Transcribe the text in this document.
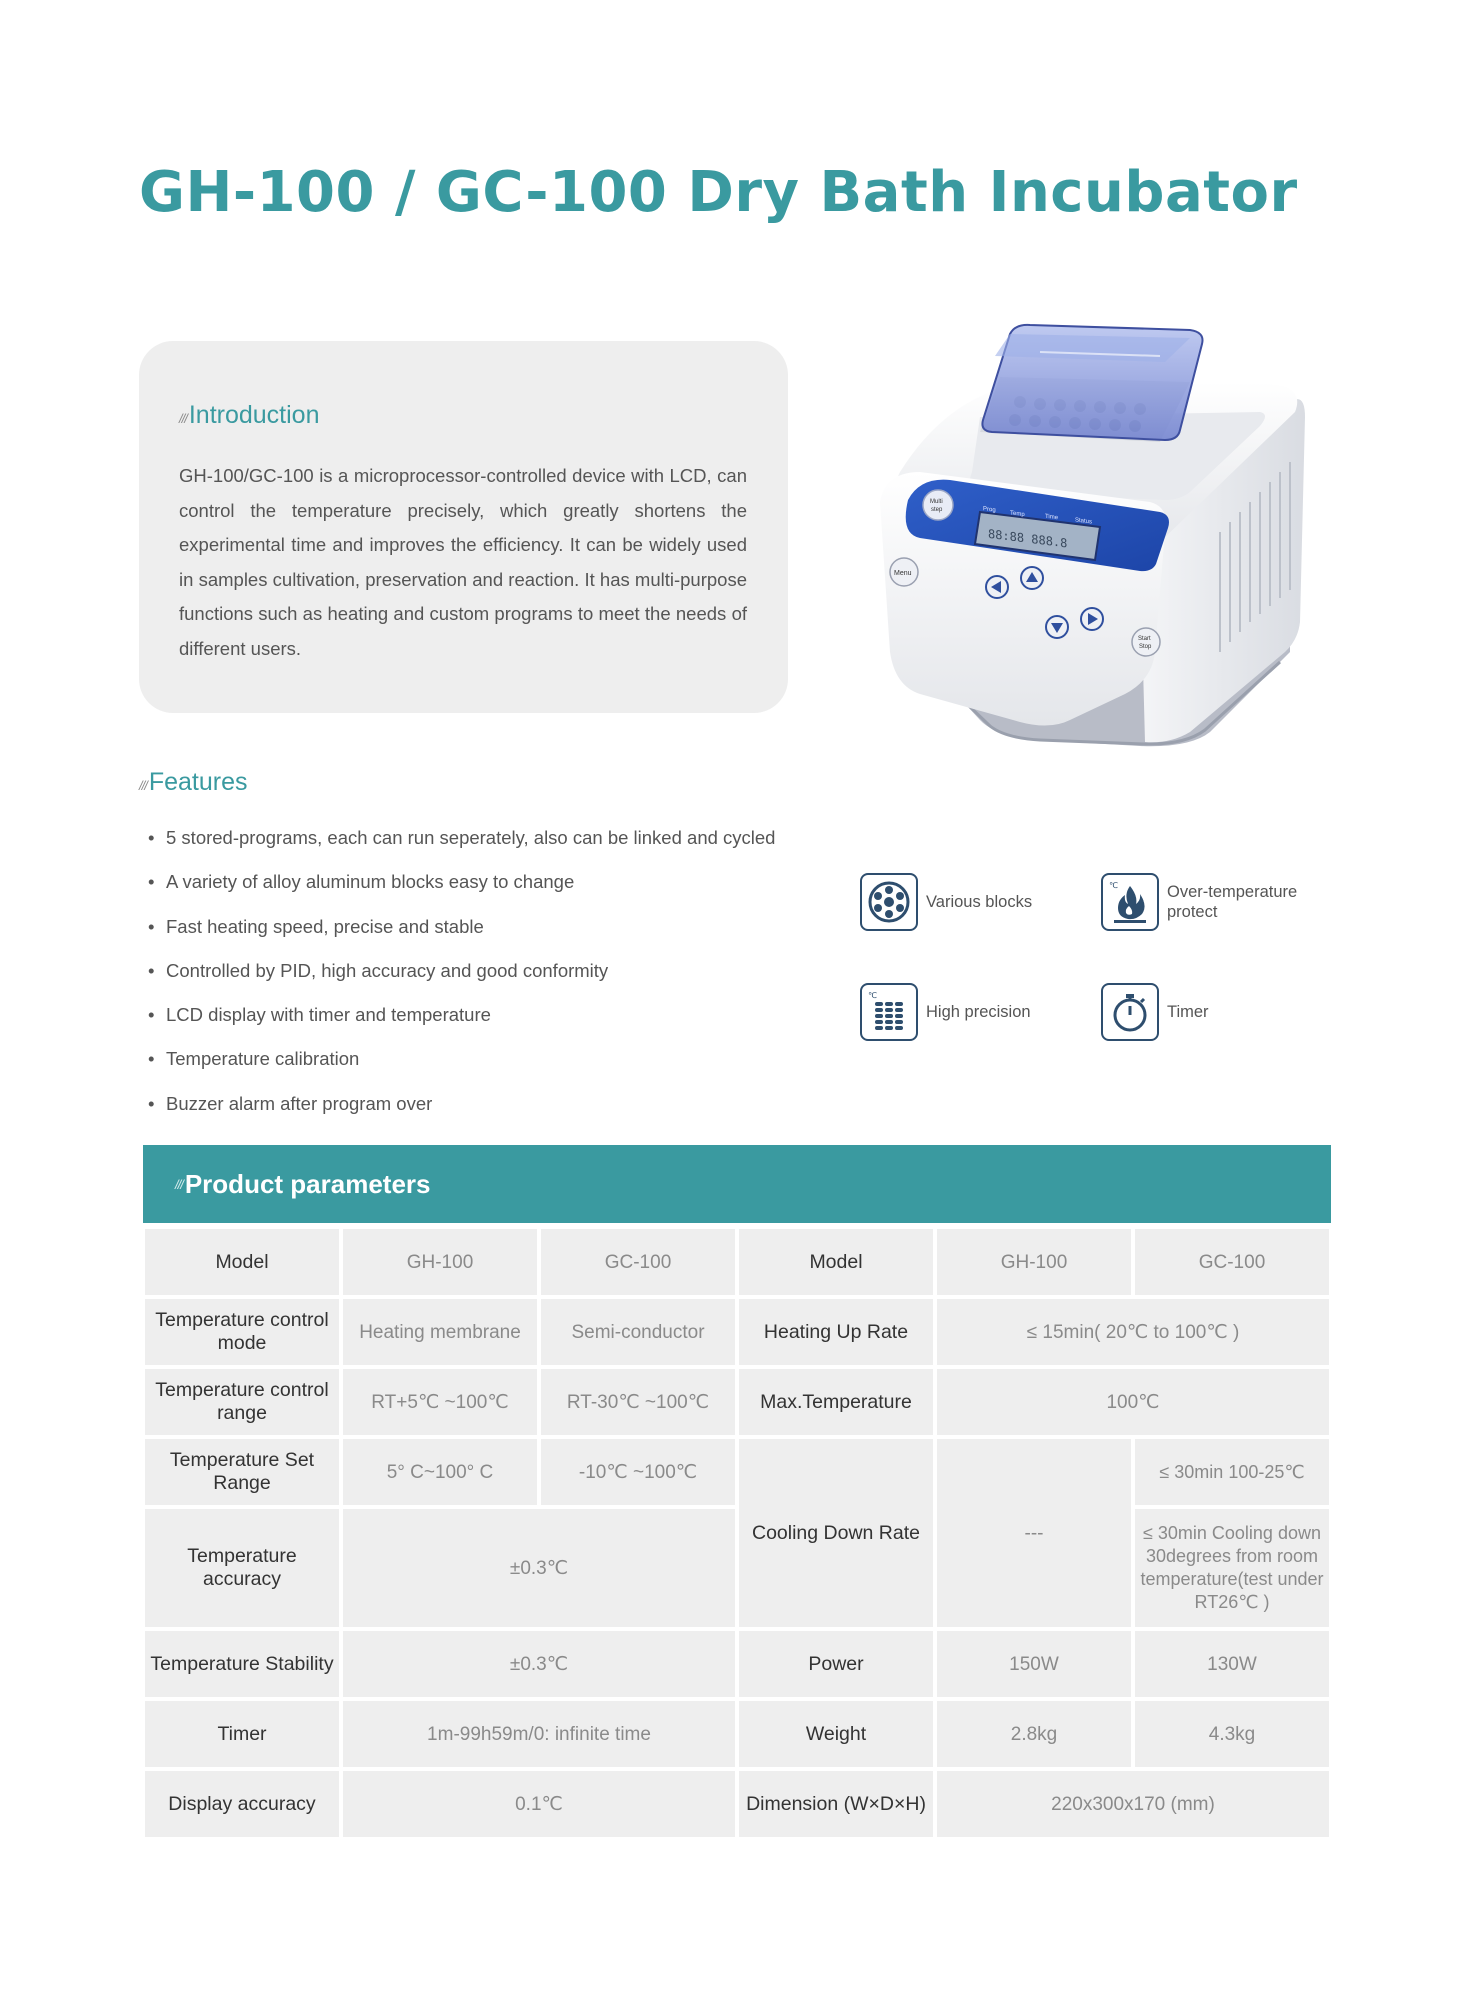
GH-100 / GC-100 Dry Bath Incubator
/// Introduction

GH-100/GC-100 is a microprocessor-controlled device with LCD, can control the temperature precisely, which greatly shortens the experimental time and improves the efficiency. It can be widely used in samples cultivation, preservation and reaction. It has multi-purpose functions such as heating and custom programs to meet the needs of different users.

88:88 888.8
Prog
Temp	Time	Status
Multi
step
Menu
Start
Stop
/// Features
• 5 stored-programs, each can run seperately, also can be linked and cycled
• A variety of alloy aluminum blocks easy to change
• Fast heating speed, precise and stable
• Controlled by PID, high accuracy and good conformity
• LCD display with timer and temperature
• Temperature calibration
• Buzzer alarm after program over
Various blocks
℃	Over-temperature protect
℃
High precision	Timer
/// Product parameters
Model	GH-100	GC-100	Model	GH-100	GC-100
Temperature control mode	Heating membrane	Semi-conductor	Heating Up Rate	≤ 15min( 20℃ to 100℃ )	
Temperature control range	RT+5℃ ~100℃	RT-30℃ ~100℃	Max.Temperature	100℃	
Temperature Set Range	5° C~100° C	-10℃ ~100℃	Cooling Down Rate	---	≤ 30min 100-25℃
Temperature accuracy	±0.3℃				≤ 30min Cooling down 30degrees from room temperature(test under RT26℃ )
Temperature Stability	±0.3℃		Power	150W	130W
Timer	1m-99h59m/0: infinite time		Weight	2.8kg	4.3kg
Display accuracy	0.1℃		Dimension (W×D×H)	220x300x170 (mm)	
